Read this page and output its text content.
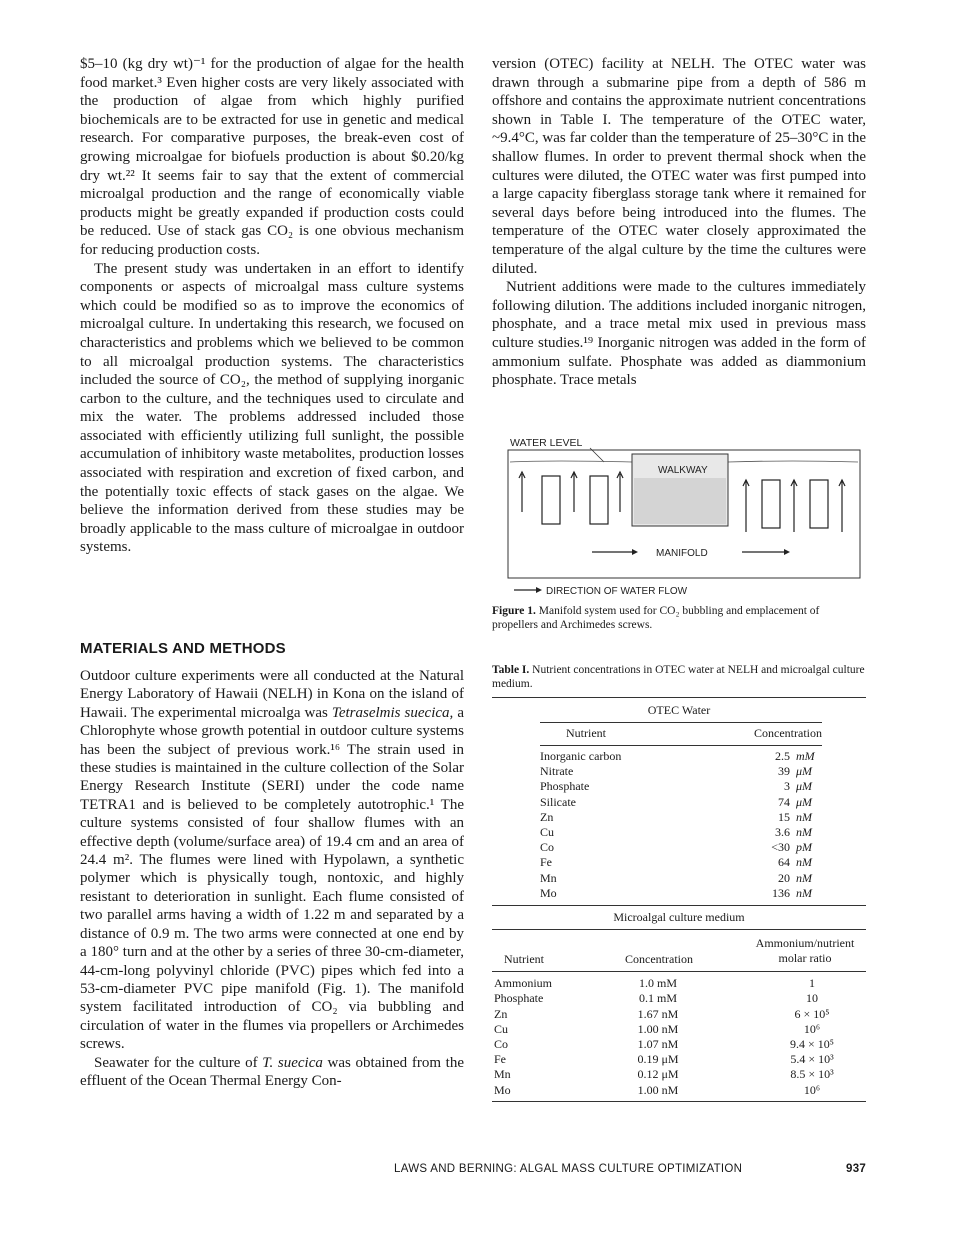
$5–10 (kg dry wt)⁻¹ for the production of algae for the health food market.³ Even higher costs are very likely associated with the production of algae from which highly purified biochemicals are to be extracted for use in genetic and medical research. For comparative purposes, the break-even cost of growing microalgae for biofuels production is about $0.20/kg dry wt.²² It seems fair to say that the extent of commercial microalgal production and the range of economically viable products might be greatly expanded if production costs could be reduced. Use of stack gas CO₂ is one obvious mechanism for reducing production costs.

The present study was undertaken in an effort to identify components or aspects of microalgal mass culture systems which could be modified so as to improve the economics of microalgal culture. In undertaking this research, we focused on characteristics and problems which we believed to be common to all microalgal production systems. The characteristics included the source of CO₂, the method of supplying inorganic carbon to the culture, and the techniques used to circulate and mix the water. The problems addressed included those associated with efficiently utilizing full sunlight, the possible accumulation of inhibitory waste metabolites, production losses associated with respiration and excretion of fixed carbon, and the potentially toxic effects of stack gases on the algae. We believe the information derived from these studies may be broadly applicable to the mass culture of microalgae in outdoor systems.

MATERIALS AND METHODS

Outdoor culture experiments were all conducted at the Natural Energy Laboratory of Hawaii (NELH) in Kona on the island of Hawaii. The experimental microalga was Tetraselmis suecica, a Chlorophyte whose growth potential in outdoor culture systems has been the subject of previous work.¹⁶ The strain used in these studies is maintained in the culture collection of the Solar Energy Research Institute (SERI) under the code name TETRA1 and is believed to be completely autotrophic.¹ The culture systems consisted of four shallow flumes with an effective depth (volume/surface area) of 19.4 cm and an area of 24.4 m². The flumes were lined with Hypolawn, a synthetic polymer which is physically tough, nontoxic, and highly resistant to deterioration in sunlight. Each flume consisted of two parallel arms having a width of 1.22 m and separated by a distance of 0.9 m. The two arms were connected at one end by a 180° turn and at the other by a series of three 30-cm-diameter, 44-cm-long polyvinyl chloride (PVC) pipes which fed into a 53-cm-diameter PVC pipe manifold (Fig. 1). The manifold system facilitated introduction of CO₂ via bubbling and circulation of water in the flumes via propellers or Archimedes screws.

Seawater for the culture of T. suecica was obtained from the effluent of the Ocean Thermal Energy Con-

version (OTEC) facility at NELH. The OTEC water was drawn through a submarine pipe from a depth of 586 m offshore and contains the approximate nutrient concentrations shown in Table I. The temperature of the OTEC water, ~9.4°C, was far colder than the temperature of 25–30°C in the shallow flumes. In order to prevent thermal shock when the cultures were diluted, the OTEC water was first pumped into a large capacity fiberglass storage tank where it remained for several days before being introduced into the flumes. The temperature of the OTEC water closely approximated the temperature of the algal culture by the time the cultures were diluted.

Nutrient additions were made to the cultures immediately following dilution. The additions included inorganic nitrogen, phosphate, and a trace metal mix used in previous mass culture studies.¹⁹ Inorganic nitrogen was added in the form of ammonium sulfate. Phosphate was added as diammonium phosphate. Trace metals

WATER LEVEL
WALKWAY
MANIFOLD
DIRECTION OF WATER FLOW
Figure 1. Manifold system used for CO₂ bubbling and emplacement of propellers and Archimedes screws.
Table I. Nutrient concentrations in OTEC water at NELH and microalgal culture medium.
OTEC Water
Nutrient	Concentration
Inorganic carbon	2.5	mM
Nitrate	39	μM
Phosphate	3	μM
Silicate	74	μM
Zn	15	nM
Cu	3.6	nM
Co	<30	pM
Fe	64	nM
Mn	20	nM
Mo	136	nM
Microalgal culture medium
Nutrient	Concentration	Ammonium/nutrient molar ratio
Ammonium	1.0 mM	1
Phosphate	0.1 mM	10
Zn	1.67 nM	6 × 10⁵
Cu	1.00 nM	10⁶
Co	1.07 nM	9.4 × 10⁵
Fe	0.19 μM	5.4 × 10³
Mn	0.12 μM	8.5 × 10³
Mo	1.00 nM	10⁶
LAWS AND BERNING: ALGAL MASS CULTURE OPTIMIZATION	937
